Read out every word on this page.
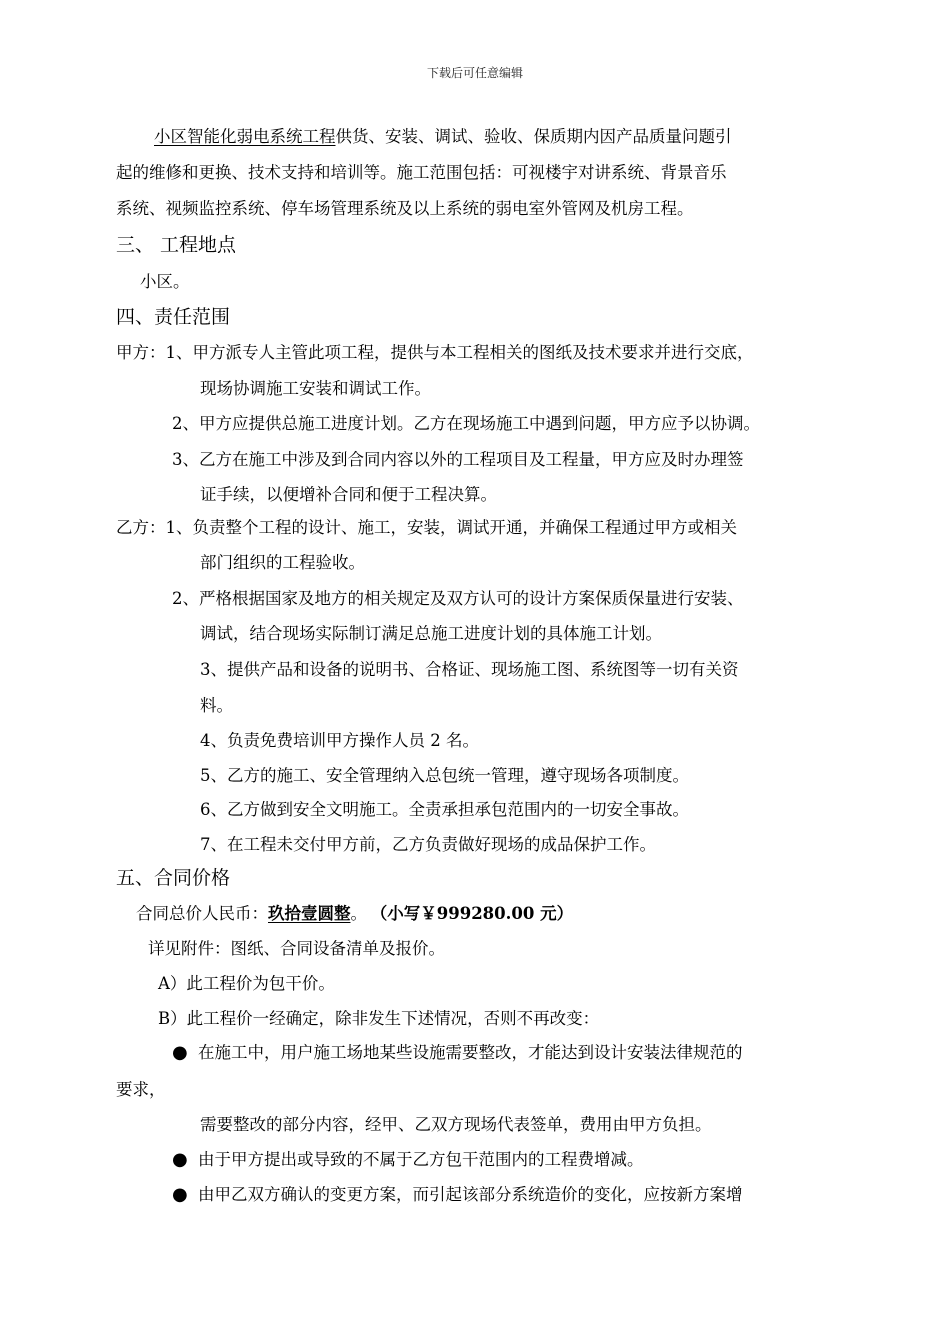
下载后可任意编辑
小区智能化弱电系统工程供货、安装、调试、验收、保质期内因产品质量问题引
起的维修和更换、技术支持和培训等。施工范围包括：可视楼宇对讲系统、背景音乐
系统、视频监控系统、停车场管理系统及以上系统的弱电室外管网及机房工程。
三、 工程地点
小区。
四、责任范围
甲方：1、甲方派专人主管此项工程，提供与本工程相关的图纸及技术要求并进行交底，
现场协调施工安装和调试工作。
2、甲方应提供总施工进度计划。乙方在现场施工中遇到问题，甲方应予以协调。
3、乙方在施工中涉及到合同内容以外的工程项目及工程量，甲方应及时办理签
证手续，以便增补合同和便于工程决算。
乙方：1、负责整个工程的设计、施工，安装，调试开通，并确保工程通过甲方或相关
部门组织的工程验收。
2、严格根据国家及地方的相关规定及双方认可的设计方案保质保量进行安装、
调试，结合现场实际制订满足总施工进度计划的具体施工计划。
3、提供产品和设备的说明书、合格证、现场施工图、系统图等一切有关资
料。
4、负责免费培训甲方操作人员 2 名。
5、乙方的施工、安全管理纳入总包统一管理，遵守现场各项制度。
6、乙方做到安全文明施工。全责承担承包范围内的一切安全事故。
7、在工程未交付甲方前，乙方负责做好现场的成品保护工作。
五、合同价格
合同总价人民币：玖拾壹圆整。 （小写￥999280.00 元）
详见附件：图纸、合同设备清单及报价。
A）此工程价为包干价。
B）此工程价一经确定，除非发生下述情况，否则不再改变：
● 在施工中，用户施工场地某些设施需要整改，才能达到设计安装法律规范的
要求，
需要整改的部分内容，经甲、乙双方现场代表签单，费用由甲方负担。
● 由于甲方提出或导致的不属于乙方包干范围内的工程费增减。
● 由甲乙双方确认的变更方案，而引起该部分系统造价的变化，应按新方案增
